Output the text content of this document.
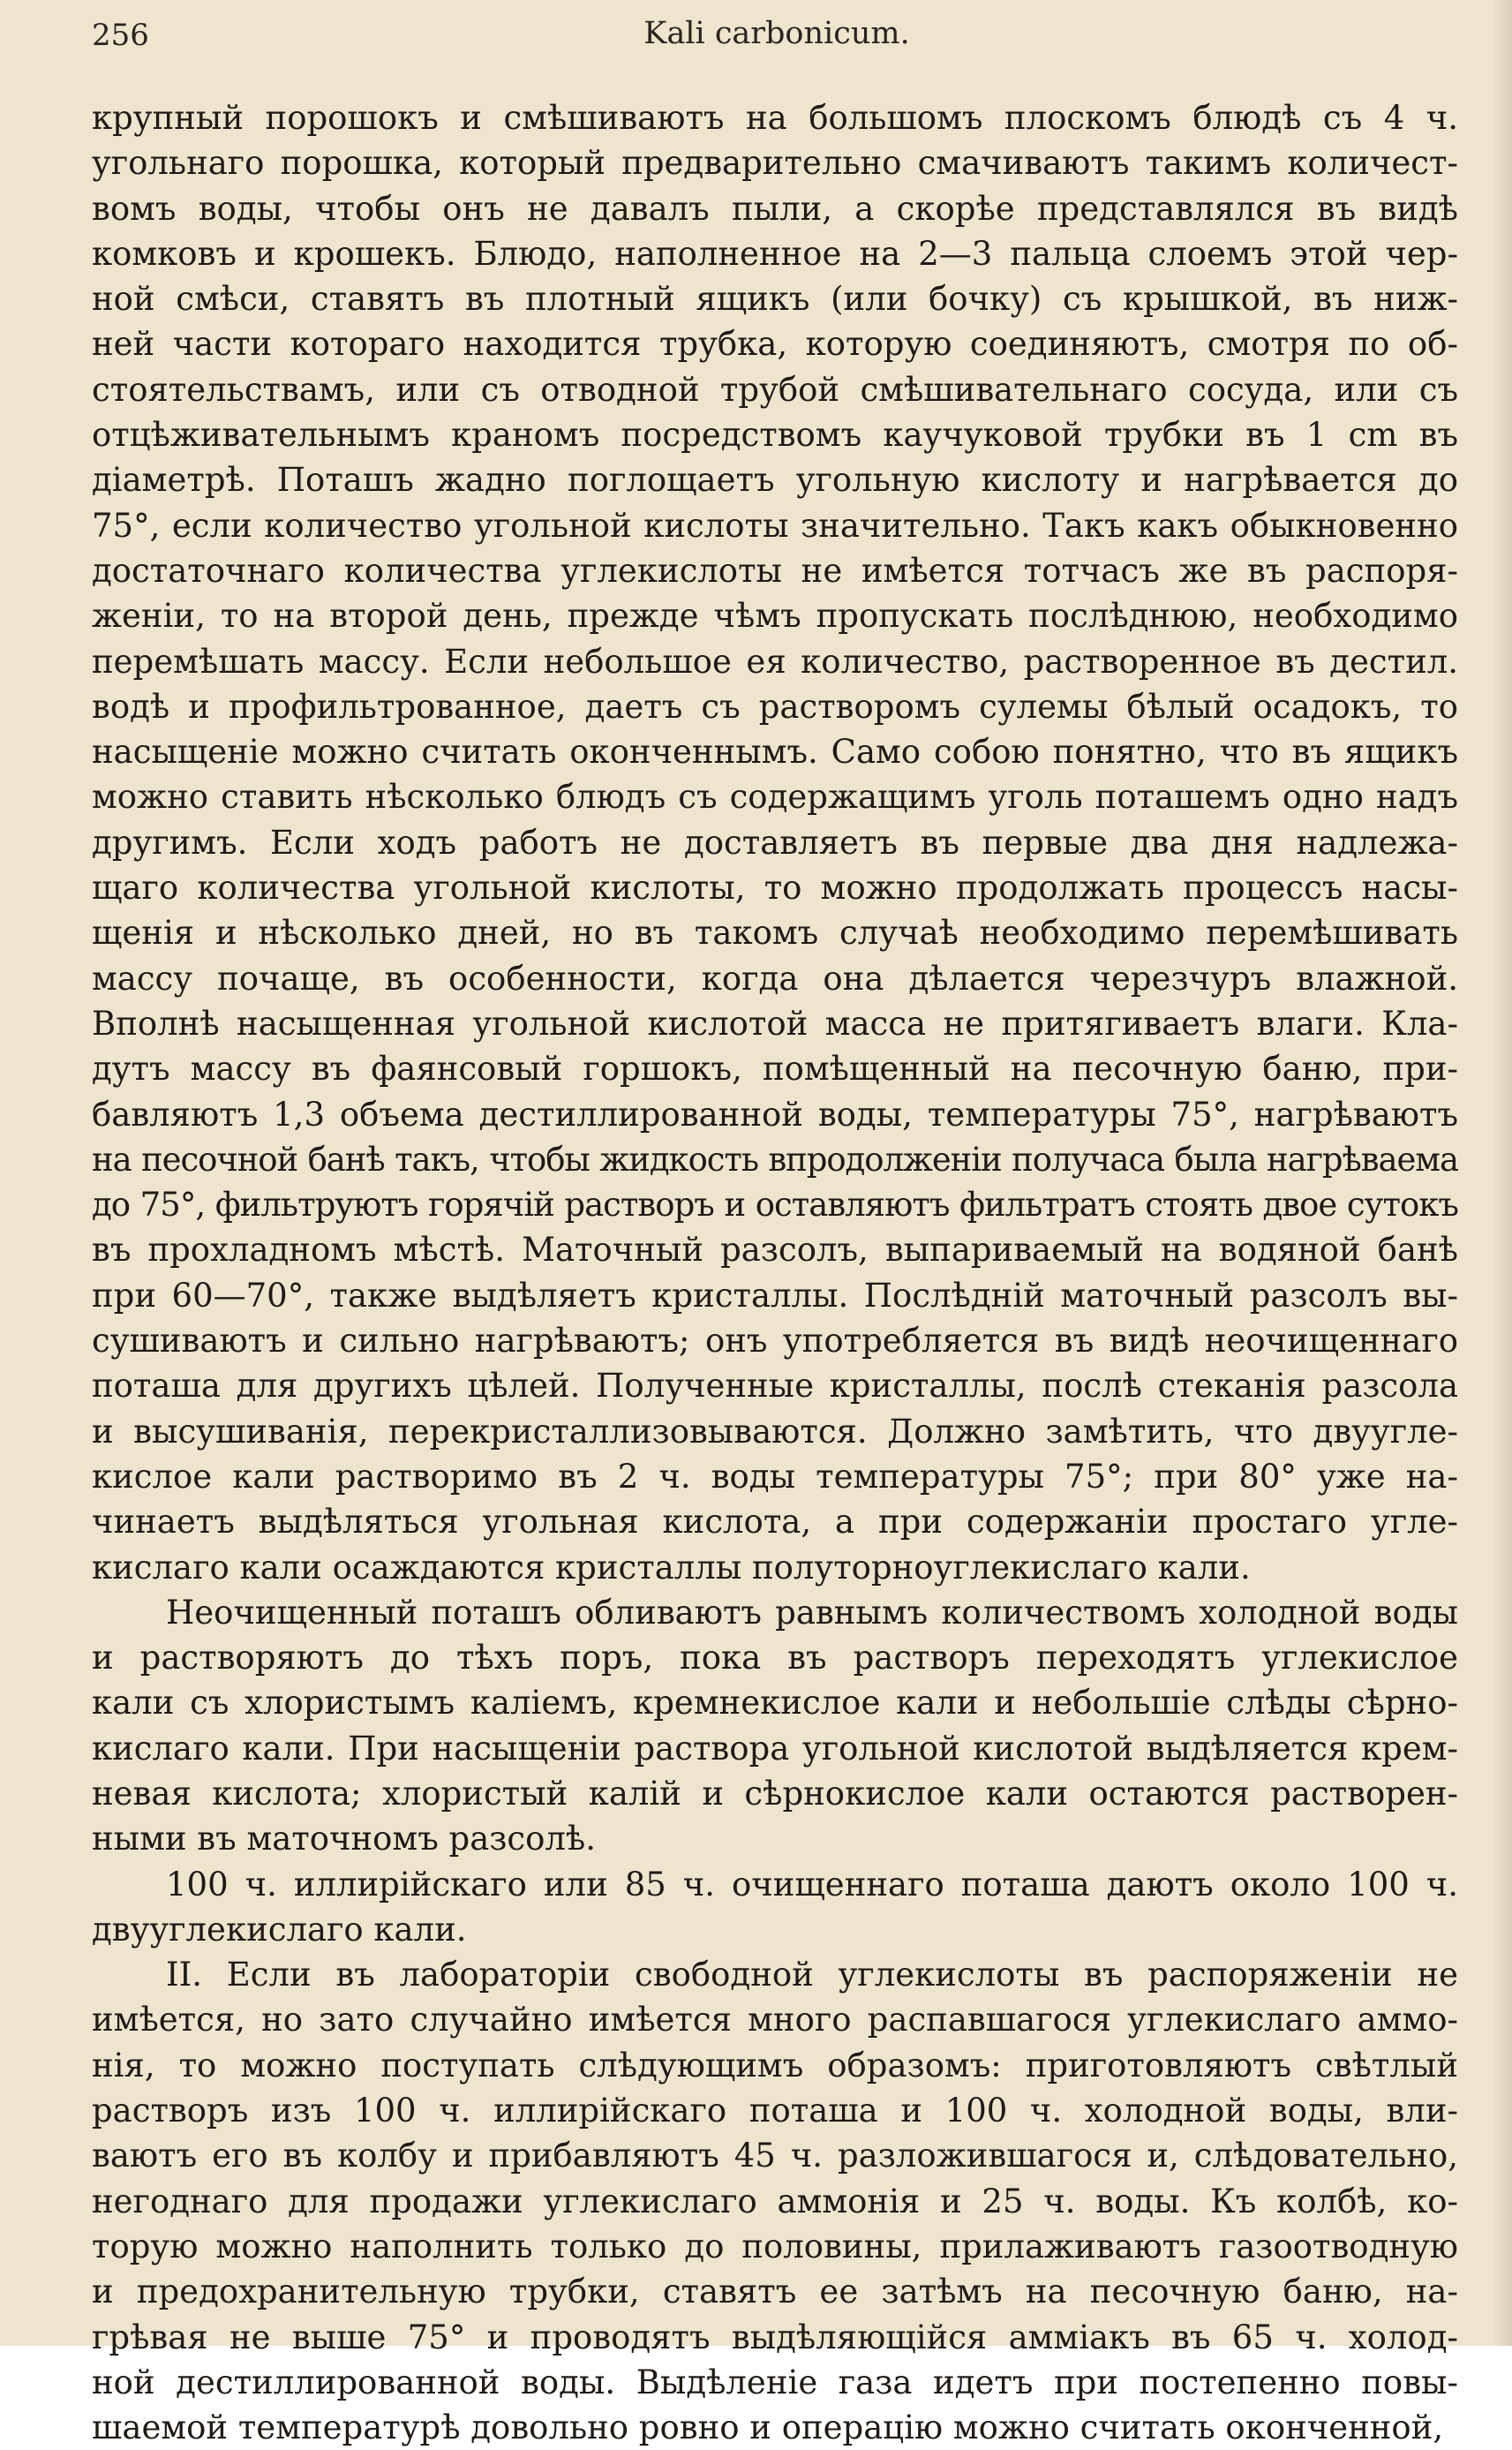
256	Kali carbonicum.
крупный порошокъ и смѣшиваютъ на большомъ плоскомъ блюдѣ съ 4 ч.
угольнаго порошка, который предварительно смачиваютъ такимъ количест-
вомъ воды, чтобы онъ не давалъ пыли, а скорѣе представлялся въ видѣ
комковъ и крошекъ. Блюдо, наполненное на 2—3 пальца слоемъ этой чер-
ной смѣси, ставятъ въ плотный ящикъ (или бочку) съ крышкой, въ ниж-
ней части котораго находится трубка, которую соединяютъ, смотря по об-
стоятельствамъ, или съ отводной трубой смѣшивательнаго сосуда, или съ
отцѣживательнымъ краномъ посредствомъ каучуковой трубки въ 1 cm въ
діаметрѣ. Поташъ жадно поглощаетъ угольную кислоту и нагрѣвается до
75°, если количество угольной кислоты значительно. Такъ какъ обыкновенно
достаточнаго количества углекислоты не имѣется тотчасъ же въ распоря-
женіи, то на второй день, прежде чѣмъ пропускать послѣднюю, необходимо
перемѣшать массу. Если небольшое ея количество, растворенное въ дестил.
водѣ и профильтрованное, даетъ съ растворомъ сулемы бѣлый осадокъ, то
насыщеніе можно считать оконченнымъ. Само собою понятно, что въ ящикъ
можно ставить нѣсколько блюдъ съ содержащимъ уголь поташемъ одно надъ
другимъ. Если ходъ работъ не доставляетъ въ первые два дня надлежа-
щаго количества угольной кислоты, то можно продолжать процессъ насы-
щенія и нѣсколько дней, но въ такомъ случаѣ необходимо перемѣшивать
массу почаще, въ особенности, когда она дѣлается черезчуръ влажной.
Вполнѣ насыщенная угольной кислотой масса не притягиваетъ влаги. Кла-
дутъ массу въ фаянсовый горшокъ, помѣщенный на песочную баню, при-
бавляютъ 1,3 объема дестиллированной воды, температуры 75°, нагрѣваютъ
на песочной банѣ такъ, чтобы жидкость впродолженіи получаса была нагрѣваема
до 75°, фильтруютъ горячій растворъ и оставляютъ фильтратъ стоять двое сутокъ
въ прохладномъ мѣстѣ. Маточный разсолъ, выпариваемый на водяной банѣ
при 60—70°, также выдѣляетъ кристаллы. Послѣдній маточный разсолъ вы-
сушиваютъ и сильно нагрѣваютъ; онъ употребляется въ видѣ неочищеннаго
поташа для другихъ цѣлей. Полученные кристаллы, послѣ стеканія разсола
и высушиванія, перекристаллизовываются. Должно замѣтить, что двуугле-
кислое кали растворимо въ 2 ч. воды температуры 75°; при 80° уже на-
чинаетъ выдѣляться угольная кислота, а при содержаніи простаго угле-
кислаго кали осаждаются кристаллы полуторноуглекислаго кали.
Неочищенный поташъ обливаютъ равнымъ количествомъ холодной воды
и растворяютъ до тѣхъ поръ, пока въ растворъ переходятъ углекислое
кали съ хлористымъ каліемъ, кремнекислое кали и небольшіе слѣды сѣрно-
кислаго кали. При насыщеніи раствора угольной кислотой выдѣляется крем-
невая кислота; хлористый калій и сѣрнокислое кали остаются растворен-
ными въ маточномъ разсолѣ.
100 ч. иллирійскаго или 85 ч. очищеннаго поташа даютъ около 100 ч.
двууглекислаго кали.
II. Если въ лабораторіи свободной углекислоты въ распоряженіи не
имѣется, но зато случайно имѣется много распавшагося углекислаго аммо-
нія, то можно поступать слѣдующимъ образомъ: приготовляютъ свѣтлый
растворъ изъ 100 ч. иллирійскаго поташа и 100 ч. холодной воды, вли-
ваютъ его въ колбу и прибавляютъ 45 ч. разложившагося и, слѣдовательно,
негоднаго для продажи углекислаго аммонія и 25 ч. воды. Къ колбѣ, ко-
торую можно наполнить только до половины, прилаживаютъ газоотводную
и предохранительную трубки, ставятъ ее затѣмъ на песочную баню, на-
грѣвая не выше 75° и проводятъ выдѣляющійся амміакъ въ 65 ч. холод-
ной дестиллированной воды. Выдѣленіе газа идетъ при постепенно повы-
шаемой температурѣ довольно ровно и операцію можно считать оконченной,
